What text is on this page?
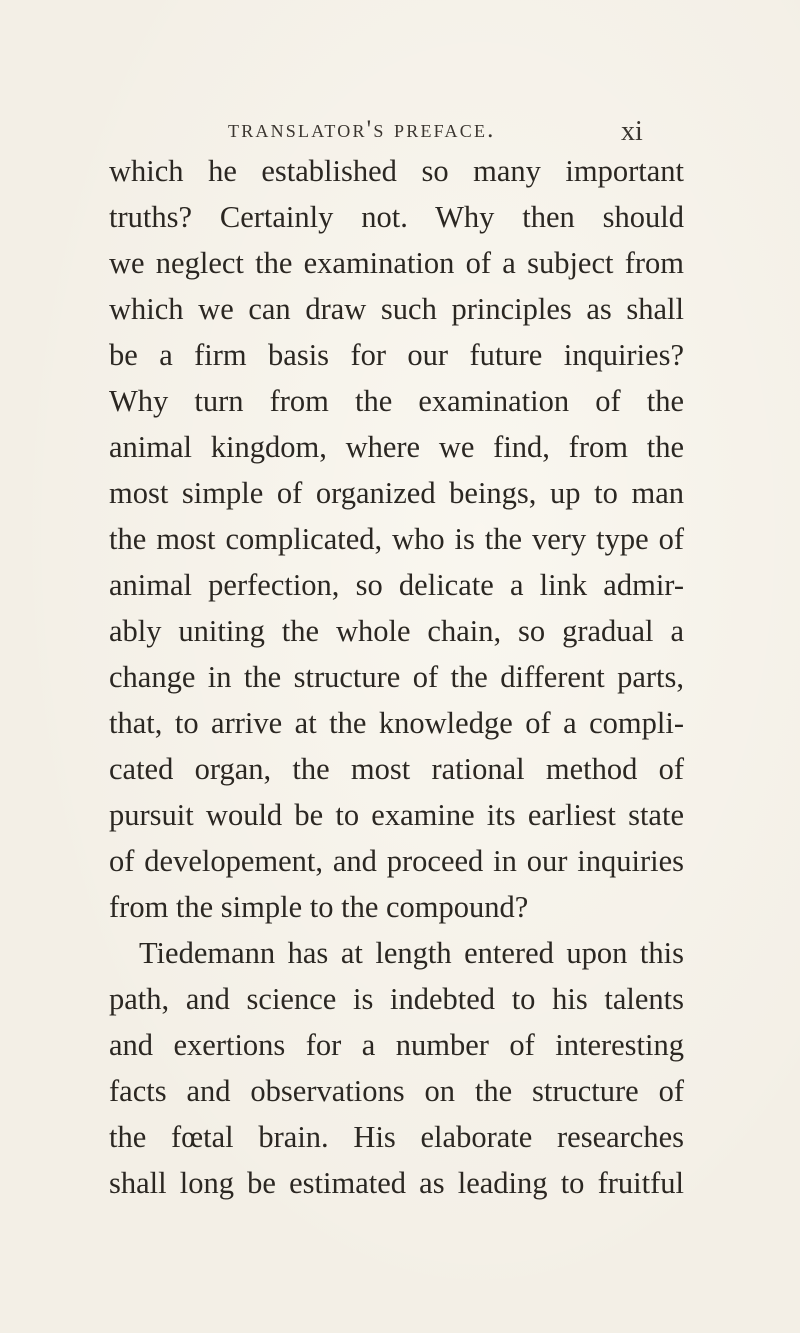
translator's preface.	xi
which he established so many important
truths? Certainly not. Why then should
we neglect the examination of a subject from
which we can draw such principles as shall
be a firm basis for our future inquiries?
Why turn from the examination of the
animal kingdom, where we find, from the
most simple of organized beings, up to man
the most complicated, who is the very type of
animal perfection, so delicate a link admir-
ably uniting the whole chain, so gradual a
change in the structure of the different parts,
that, to arrive at the knowledge of a compli-
cated organ, the most rational method of
pursuit would be to examine its earliest state
of developement, and proceed in our inquiries
from the simple to the compound?
Tiedemann has at length entered upon this
path, and science is indebted to his talents
and exertions for a number of interesting
facts and observations on the structure of
the fœtal brain. His elaborate researches
shall long be estimated as leading to fruitful
